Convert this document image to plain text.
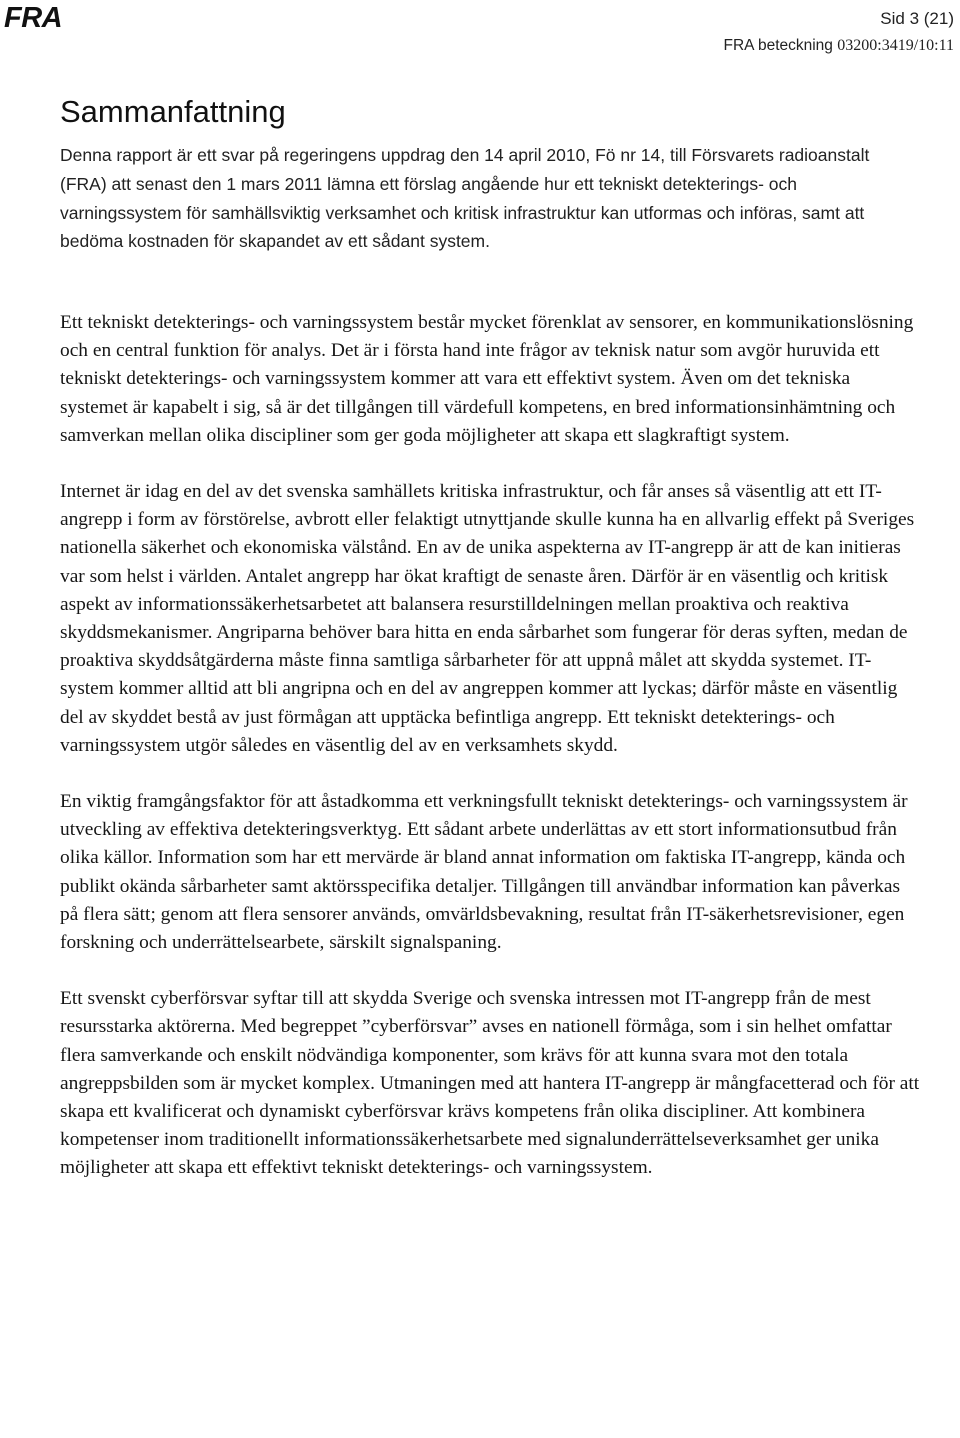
FRA	Sid 3 (21)
FRA beteckning 03200:3419/10:11
Sammanfattning

Denna rapport är ett svar på regeringens uppdrag den 14 april 2010, Fö nr 14, till Försvarets radioanstalt (FRA) att senast den 1 mars 2011 lämna ett förslag angående hur ett tekniskt detekterings- och varningssystem för samhällsviktig verksamhet och kritisk infrastruktur kan utformas och införas, samt att bedöma kostnaden för skapandet av ett sådant system.

Ett tekniskt detekterings- och varningssystem består mycket förenklat av sensorer, en kommunikationslösning och en central funktion för analys. Det är i första hand inte frågor av teknisk natur som avgör huruvida ett tekniskt detekterings- och varningssystem kommer att vara ett effektivt system. Även om det tekniska systemet är kapabelt i sig, så är det tillgången till värdefull kompetens, en bred informationsinhämtning och samverkan mellan olika discipliner som ger goda möjligheter att skapa ett slagkraftigt system.

Internet är idag en del av det svenska samhällets kritiska infrastruktur, och får anses så väsentlig att ett IT-angrepp i form av förstörelse, avbrott eller felaktigt utnyttjande skulle kunna ha en allvarlig effekt på Sveriges nationella säkerhet och ekonomiska välstånd. En av de unika aspekterna av IT-angrepp är att de kan initieras var som helst i världen. Antalet angrepp har ökat kraftigt de senaste åren. Därför är en väsentlig och kritisk aspekt av informationssäkerhetsarbetet att balansera resurstilldelningen mellan proaktiva och reaktiva skyddsmekanismer. Angriparna behöver bara hitta en enda sårbarhet som fungerar för deras syften, medan de proaktiva skyddsåtgärderna måste finna samtliga sårbarheter för att uppnå målet att skydda systemet. IT-system kommer alltid att bli angripna och en del av angreppen kommer att lyckas; därför måste en väsentlig del av skyddet bestå av just förmågan att upptäcka befintliga angrepp. Ett tekniskt detekterings- och varningssystem utgör således en väsentlig del av en verksamhets skydd.

En viktig framgångsfaktor för att åstadkomma ett verkningsfullt tekniskt detekterings- och varningssystem är utveckling av effektiva detekteringsverktyg. Ett sådant arbete underlättas av ett stort informationsutbud från olika källor. Information som har ett mervärde är bland annat information om faktiska IT-angrepp, kända och publikt okända sårbarheter samt aktörsspecifika detaljer. Tillgången till användbar information kan påverkas på flera sätt; genom att flera sensorer används, omvärldsbevakning, resultat från IT-säkerhetsrevisioner, egen forskning och underrättelsearbete, särskilt signalspaning.

Ett svenskt cyberförsvar syftar till att skydda Sverige och svenska intressen mot IT-angrepp från de mest resursstarka aktörerna. Med begreppet ”cyberförsvar” avses en nationell förmåga, som i sin helhet omfattar flera samverkande och enskilt nödvändiga komponenter, som krävs för att kunna svara mot den totala angreppsbilden som är mycket komplex. Utmaningen med att hantera IT-angrepp är mångfacetterad och för att skapa ett kvalificerat och dynamiskt cyberförsvar krävs kompetens från olika discipliner. Att kombinera kompetenser inom traditionellt informationssäkerhetsarbete med signalunderrättelseverksamhet ger unika möjligheter att skapa ett effektivt tekniskt detekterings- och varningssystem.
